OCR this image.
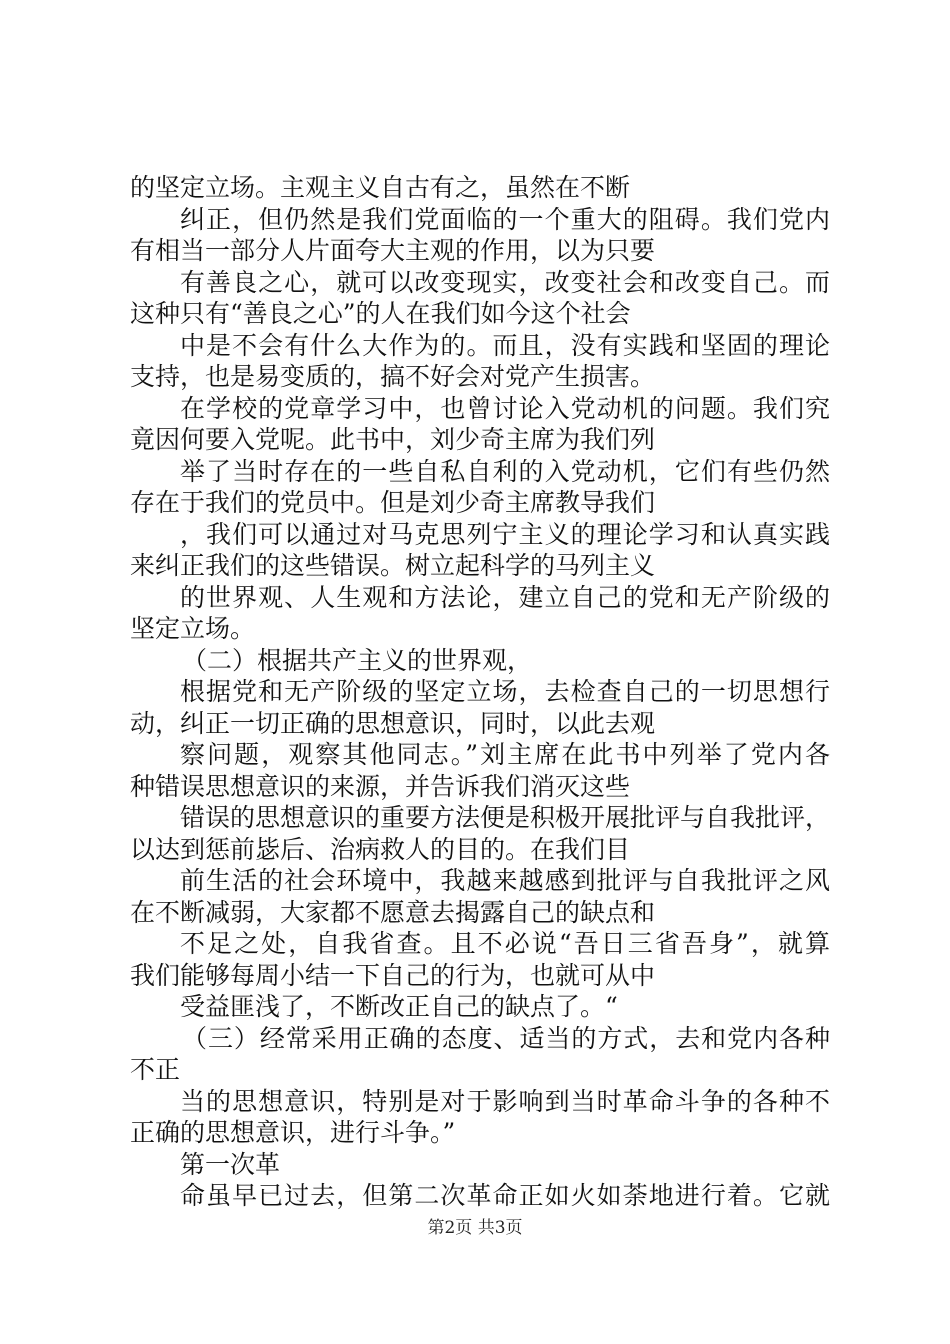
的坚定立场。主观主义自古有之，虽然在不断
纠正，但仍然是我们党面临的一个重大的阻碍。我们党内
有相当一部分人片面夸大主观的作用，以为只要
有善良之心，就可以改变现实，改变社会和改变自己。而
这种只有“善良之心”的人在我们如今这个社会
中是不会有什么大作为的。而且，没有实践和坚固的理论
支持，也是易变质的，搞不好会对党产生损害。
在学校的党章学习中，也曾讨论入党动机的问题。我们究
竟因何要入党呢。此书中，刘少奇主席为我们列
举了当时存在的一些自私自利的入党动机，它们有些仍然
存在于我们的党员中。但是刘少奇主席教导我们
，我们可以通过对马克思列宁主义的理论学习和认真实践
来纠正我们的这些错误。树立起科学的马列主义
的世界观、人生观和方法论，建立自己的党和无产阶级的
坚定立场。
（二）根据共产主义的世界观，
根据党和无产阶级的坚定立场，去检查自己的一切思想行
动，纠正一切正确的思想意识，同时，以此去观
察问题，观察其他同志。”刘主席在此书中列举了党内各
种错误思想意识的来源，并告诉我们消灭这些
错误的思想意识的重要方法便是积极开展批评与自我批评，
以达到惩前毖后、治病救人的目的。在我们目
前生活的社会环境中，我越来越感到批评与自我批评之风
在不断减弱，大家都不愿意去揭露自己的缺点和
不足之处，自我省查。且不必说“吾日三省吾身”，就算
我们能够每周小结一下自己的行为，也就可从中
受益匪浅了，不断改正自己的缺点了。“
（三）经常采用正确的态度、适当的方式，去和党内各种
不正
当的思想意识，特别是对于影响到当时革命斗争的各种不
正确的思想意识，进行斗争。”
第一次革
命虽早已过去，但第二次革命正如火如荼地进行着。它就
第2页 共3页
